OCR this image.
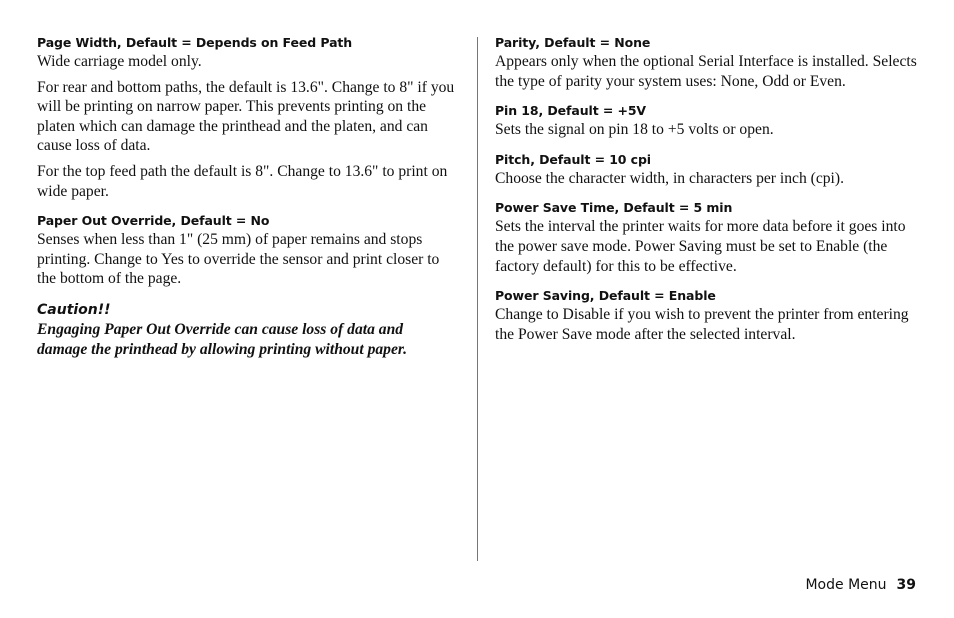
Page Width, Default = Depends on Feed Path

Wide carriage model only.

For rear and bottom paths, the default is 13.6". Change to 8" if you will be printing on narrow paper. This prevents printing on the platen which can damage the printhead and the platen, and can cause loss of data.

For the top feed path the default is 8". Change to 13.6" to print on wide paper.

Paper Out Override, Default = No

Senses when less than 1" (25 mm) of paper remains and stops printing. Change to Yes to override the sensor and print closer to the bottom of the page.

Caution!!

Engaging Paper Out Override can cause loss of data and damage the printhead by allowing printing without paper.

Parity, Default = None

Appears only when the optional Serial Interface is installed. Selects the type of parity your system uses: None, Odd or Even.

Pin 18, Default = +5V

Sets the signal on pin 18 to +5 volts or open.

Pitch, Default = 10 cpi

Choose the character width, in characters per inch (cpi).

Power Save Time, Default = 5 min

Sets the interval the printer waits for more data before it goes into the power save mode. Power Saving must be set to Enable (the factory default) for this to be effective.

Power Saving, Default = Enable

Change to Disable if you wish to prevent the printer from entering the Power Save mode after the selected interval.

Mode Menu 39
